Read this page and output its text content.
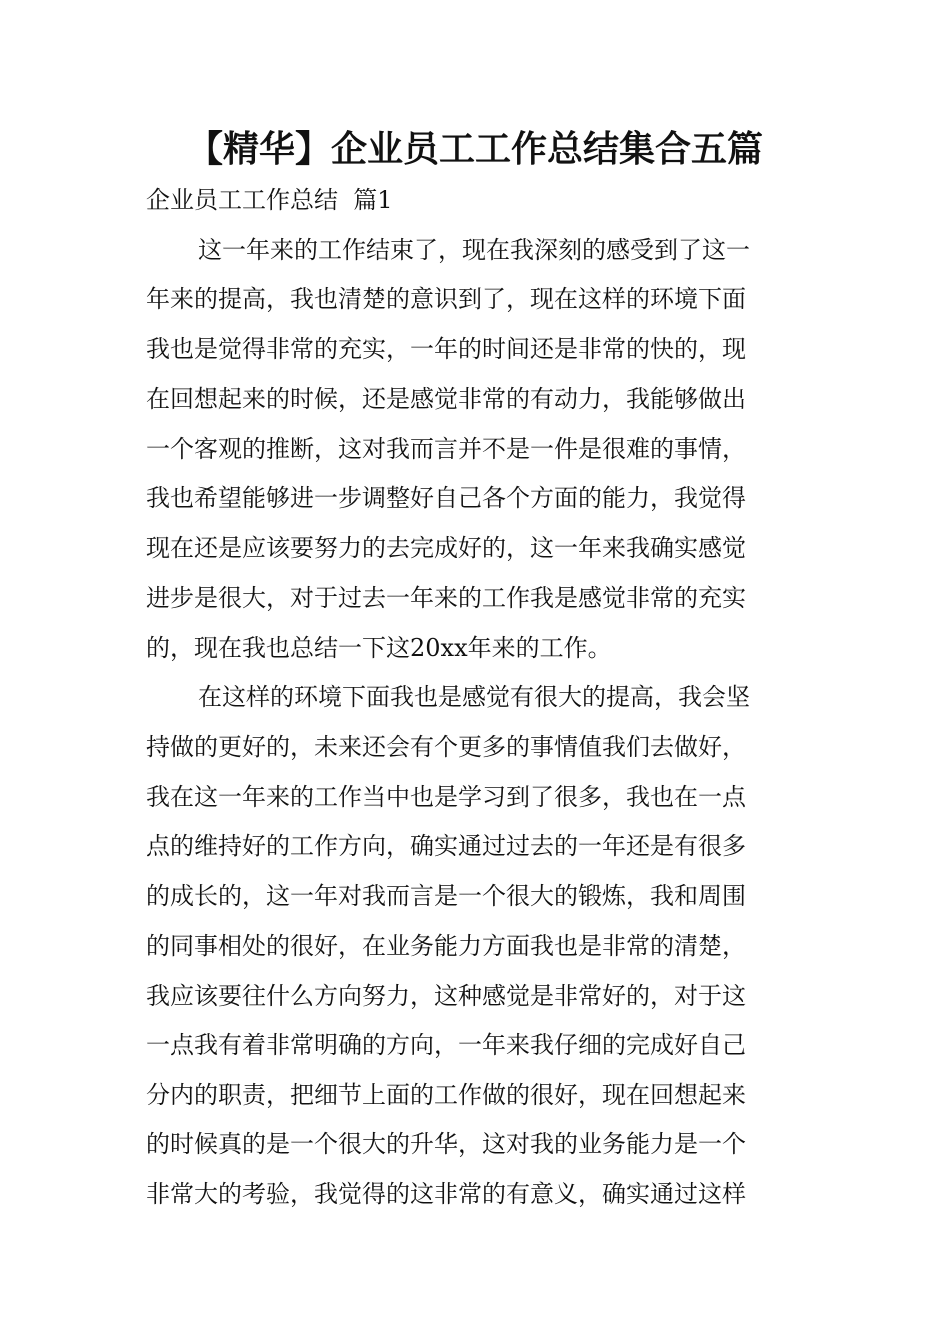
【精华】企业员工工作总结集合五篇

企业员工工作总结  篇1

这一年来的工作结束了，现在我深刻的感受到了这一

年来的提高，我也清楚的意识到了，现在这样的环境下面

我也是觉得非常的充实，一年的时间还是非常的快的，现

在回想起来的时候，还是感觉非常的有动力，我能够做出

一个客观的推断，这对我而言并不是一件是很难的事情，

我也希望能够进一步调整好自己各个方面的能力，我觉得

现在还是应该要努力的去完成好的，这一年来我确实感觉

进步是很大，对于过去一年来的工作我是感觉非常的充实

的，现在我也总结一下这20xx年来的工作。

在这样的环境下面我也是感觉有很大的提高，我会坚

持做的更好的，未来还会有个更多的事情值我们去做好，

我在这一年来的工作当中也是学习到了很多，我也在一点

点的维持好的工作方向，确实通过过去的一年还是有很多

的成长的，这一年对我而言是一个很大的锻炼，我和周围

的同事相处的很好，在业务能力方面我也是非常的清楚，

我应该要往什么方向努力，这种感觉是非常好的，对于这

一点我有着非常明确的方向，一年来我仔细的完成好自己

分内的职责，把细节上面的工作做的很好，现在回想起来

的时候真的是一个很大的升华，这对我的业务能力是一个

非常大的考验，我觉得的这非常的有意义，确实通过这样
